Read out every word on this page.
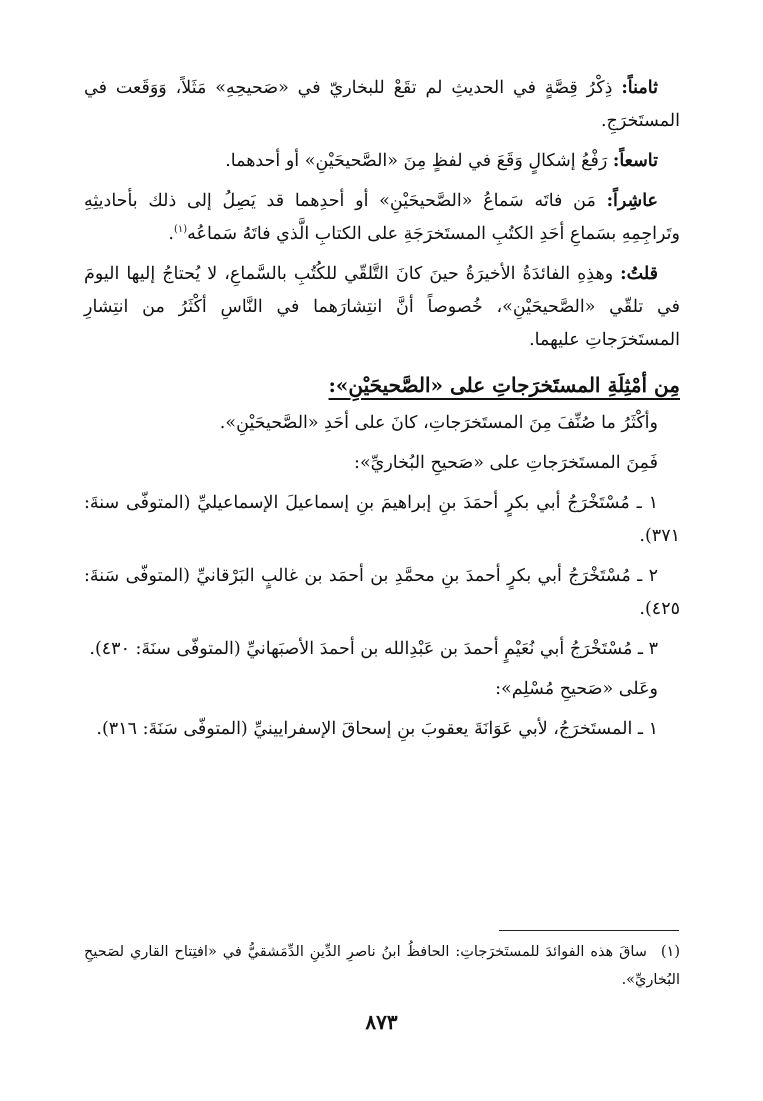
ثامناً: ذِكْرُ قِصَّةٍ في الحديثِ لم تقَعْ للبخاريّ في «صَحيحِهِ» مَثَلاً، وَوَقَعت في المستَخرَجِ.

تاسعاً: رَفْعُ إشكالٍ وَقَعَ في لفظٍ مِنَ «الصَّحيحَيْنِ» أو أحدهما.

عاشِراً: مَن فاتَه سَماعُ «الصَّحيحَيْنِ» أو أحدِهما قد يَصِلُ إلى ذلك بأحاديثِهِ وتَراجِمِهِ بسَماعِ أحَدِ الكتُبِ المستَخرَجَةِ على الكتابِ الَّذي فاتَهُ سَماعُه$^{(١)}$.

قلتُ: وهذِهِ الفائدَةُ الأخيرَةُ حينَ كانَ التَّلقّي للكُتُبِ بالسَّماعِ، لا يُحتاجُ إليها اليومَ في تلقّي «الصَّحيحَيْنِ»، خُصوصاً أنَّ انتِشارَهما في النَّاسِ أكْثَرُ من انتِشارِ المستَخرَجاتِ عليهما.

مِن أمْثِلَةِ المستَخرَجاتِ على «الصَّحيحَيْنِ»:

وأكْثَرُ ما صُنِّفَ مِنَ المستَخرَجاتِ، كانَ على أحَدِ «الصَّحيحَيْنِ».

فَمِنَ المستَخرَجاتِ على «صَحيحِ البُخاريِّ»:

١ ـ مُسْتَخْرَجُ أبي بكرٍ أحمَدَ بنِ إبراهيمَ بنِ إسماعيلَ الإسماعيليِّ (المتوفّى سنةَ: ٣٧١).

٢ ـ مُسْتَخْرَجُ أبي بكرٍ أحمدَ بنِ محمَّدِ بن أحمَد بن غالبٍ البَرْقانيِّ (المتوفّى سَنةَ: ٤٢٥).

٣ ـ مُسْتَخْرَجُ أبي نُعَيْمٍ أحمدَ بن عَبْدِالله بن أحمدَ الأصبَهانيِّ (المتوفّى سنَةَ: ٤٣٠).

وعَلى «صَحيحِ مُسْلِم»:

١ ـ المستَخرَجُ، لأبي عَوَانَةَ يعقوبَ بنِ إسحاقَ الإسفرايينيِّ (المتوفّى سَنَةَ: ٣١٦).

(١) ساقَ هذه الفوائدَ للمستَخرَجاتِ: الحافظُ ابنُ ناصرِ الدِّينِ الدِّمَشقيُّ في «افتِتاح القاري لصَحيحِ البُخاريِّ».
٨٧٣
